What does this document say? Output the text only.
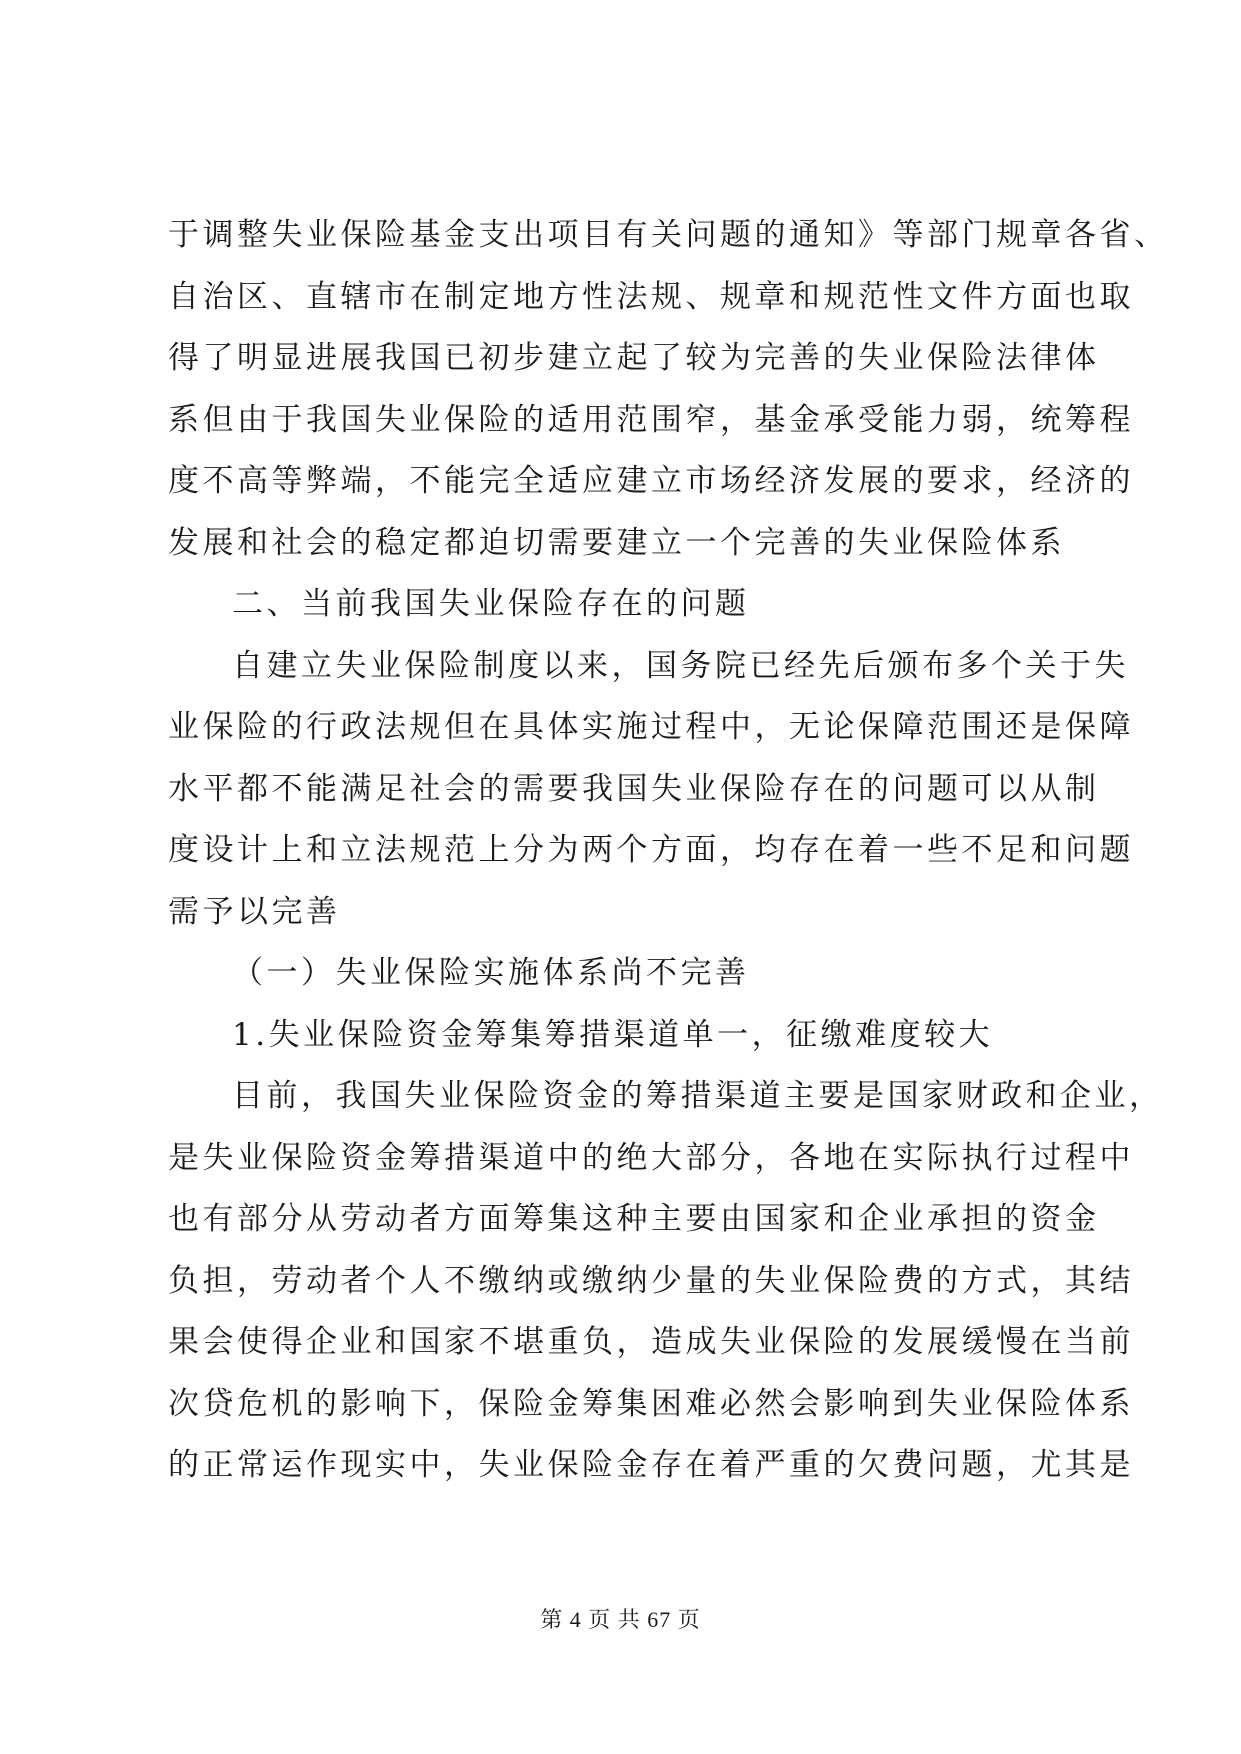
于调整失业保险基金支出项目有关问题的通知》等部门规章各省、
自治区、直辖市在制定地方性法规、规章和规范性文件方面也取
得了明显进展我国已初步建立起了较为完善的失业保险法律体
系但由于我国失业保险的适用范围窄，基金承受能力弱，统筹程
度不高等弊端，不能完全适应建立市场经济发展的要求，经济的
发展和社会的稳定都迫切需要建立一个完善的失业保险体系
二、当前我国失业保险存在的问题
自建立失业保险制度以来，国务院已经先后颁布多个关于失
业保险的行政法规但在具体实施过程中，无论保障范围还是保障
水平都不能满足社会的需要我国失业保险存在的问题可以从制
度设计上和立法规范上分为两个方面，均存在着一些不足和问题
需予以完善
（一）失业保险实施体系尚不完善
1.失业保险资金筹集筹措渠道单一，征缴难度较大
目前，我国失业保险资金的筹措渠道主要是国家财政和企业，
是失业保险资金筹措渠道中的绝大部分，各地在实际执行过程中
也有部分从劳动者方面筹集这种主要由国家和企业承担的资金
负担，劳动者个人不缴纳或缴纳少量的失业保险费的方式，其结
果会使得企业和国家不堪重负，造成失业保险的发展缓慢在当前
次贷危机的影响下，保险金筹集困难必然会影响到失业保险体系
的正常运作现实中，失业保险金存在着严重的欠费问题，尤其是
第 4 页 共 67 页
